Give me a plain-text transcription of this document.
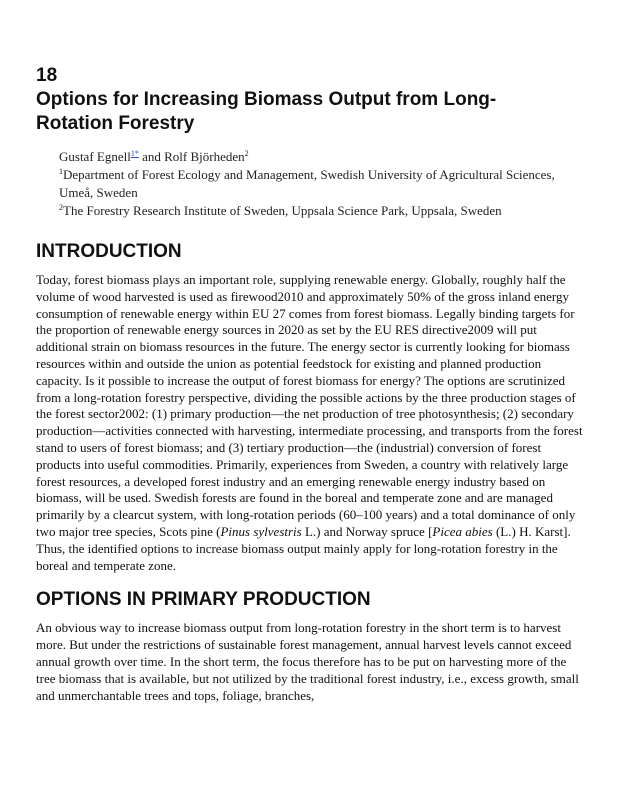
18
Options for Increasing Biomass Output from Long-
Rotation Forestry
Gustaf Egnell$^{1*}$ and Rolf Björheden$^2$
$^1$Department of Forest Ecology and Management, Swedish University of Agricultural Sciences, Umeå, Sweden
$^2$The Forestry Research Institute of Sweden, Uppsala Science Park, Uppsala, Sweden
INTRODUCTION

Today, forest biomass plays an important role, supplying renewable energy. Globally, roughly half the volume of wood harvested is used as firewood2010 and approximately 50% of the gross inland energy consumption of renewable energy within EU 27 comes from forest biomass. Legally binding targets for the proportion of renewable energy sources in 2020 as set by the EU RES directive2009 will put additional strain on biomass resources in the future. The energy sector is currently looking for biomass resources within and outside the union as potential feedstock for existing and planned production capacity. Is it possible to increase the output of forest biomass for energy? The options are scrutinized from a long-rotation forestry perspective, dividing the possible actions by the three production stages of the forest sector2002: (1) primary production—the net production of tree photosynthesis; (2) secondary production—activities connected with harvesting, intermediate processing, and transports from the forest stand to users of forest biomass; and (3) tertiary production—the (industrial) conversion of forest products into useful commodities. Primarily, experiences from Sweden, a country with relatively large forest resources, a developed forest industry and an emerging renewable energy industry based on biomass, will be used. Swedish forests are found in the boreal and temperate zone and are managed primarily by a clearcut system, with long-rotation periods (60–100 years) and a total dominance of only two major tree species, Scots pine (Pinus sylvestris L.) and Norway spruce [Picea abies (L.) H. Karst]. Thus, the identified options to increase biomass output mainly apply for long-rotation forestry in the boreal and temperate zone.

OPTIONS IN PRIMARY PRODUCTION

An obvious way to increase biomass output from long-rotation forestry in the short term is to harvest more. But under the restrictions of sustainable forest management, annual harvest levels cannot exceed annual growth over time. In the short term, the focus therefore has to be put on harvesting more of the tree biomass that is available, but not utilized by the traditional forest industry, i.e., excess growth, small and unmerchantable trees and tops, foliage, branches,
